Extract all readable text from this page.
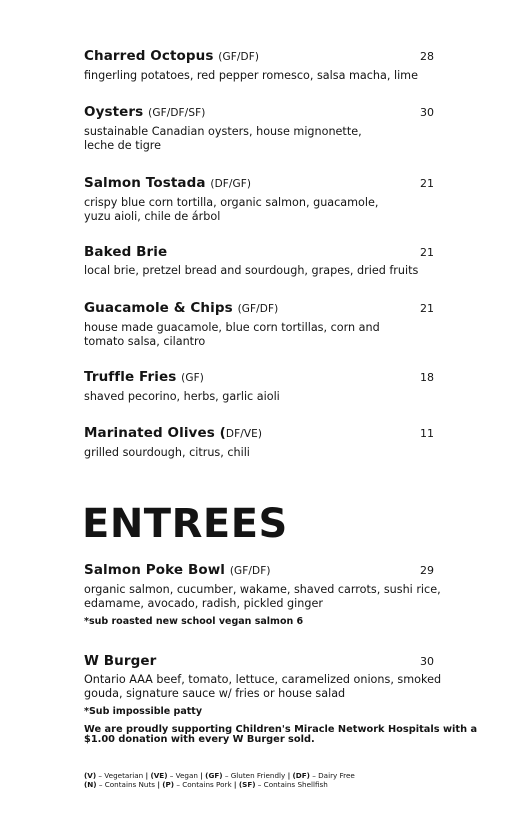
Charred Octopus (GF/DF)	28
fingerling potatoes, red pepper romesco, salsa macha, lime
Oysters (GF/DF/SF)	30
sustainable Canadian oysters, house mignonette,
leche de tigre
Salmon Tostada (DF/GF)	21
crispy blue corn tortilla, organic salmon, guacamole,
yuzu aioli, chile de árbol
Baked Brie	21
local brie, pretzel bread and sourdough, grapes, dried fruits
Guacamole & Chips (GF/DF)	21
house made guacamole, blue corn tortillas, corn and
tomato salsa, cilantro
Truffle Fries (GF)	18
shaved pecorino, herbs, garlic aioli
Marinated Olives (DF/VE)	11
grilled sourdough, citrus, chili
ENTREES
Salmon Poke Bowl (GF/DF)	29
organic salmon, cucumber, wakame, shaved carrots, sushi rice,
edamame, avocado, radish, pickled ginger
*sub roasted new school vegan salmon 6
W Burger	30
Ontario AAA beef, tomato, lettuce, caramelized onions, smoked
gouda, signature sauce w/ fries or house salad
*Sub impossible patty
We are proudly supporting Children's Miracle Network Hospitals with a
$1.00 donation with every W Burger sold.
(V) – Vegetarian | (VE) – Vegan | (GF) – Gluten Friendly | (DF) – Dairy Free
(N) – Contains Nuts | (P) – Contains Pork | (SF) – Contains Shellfish
